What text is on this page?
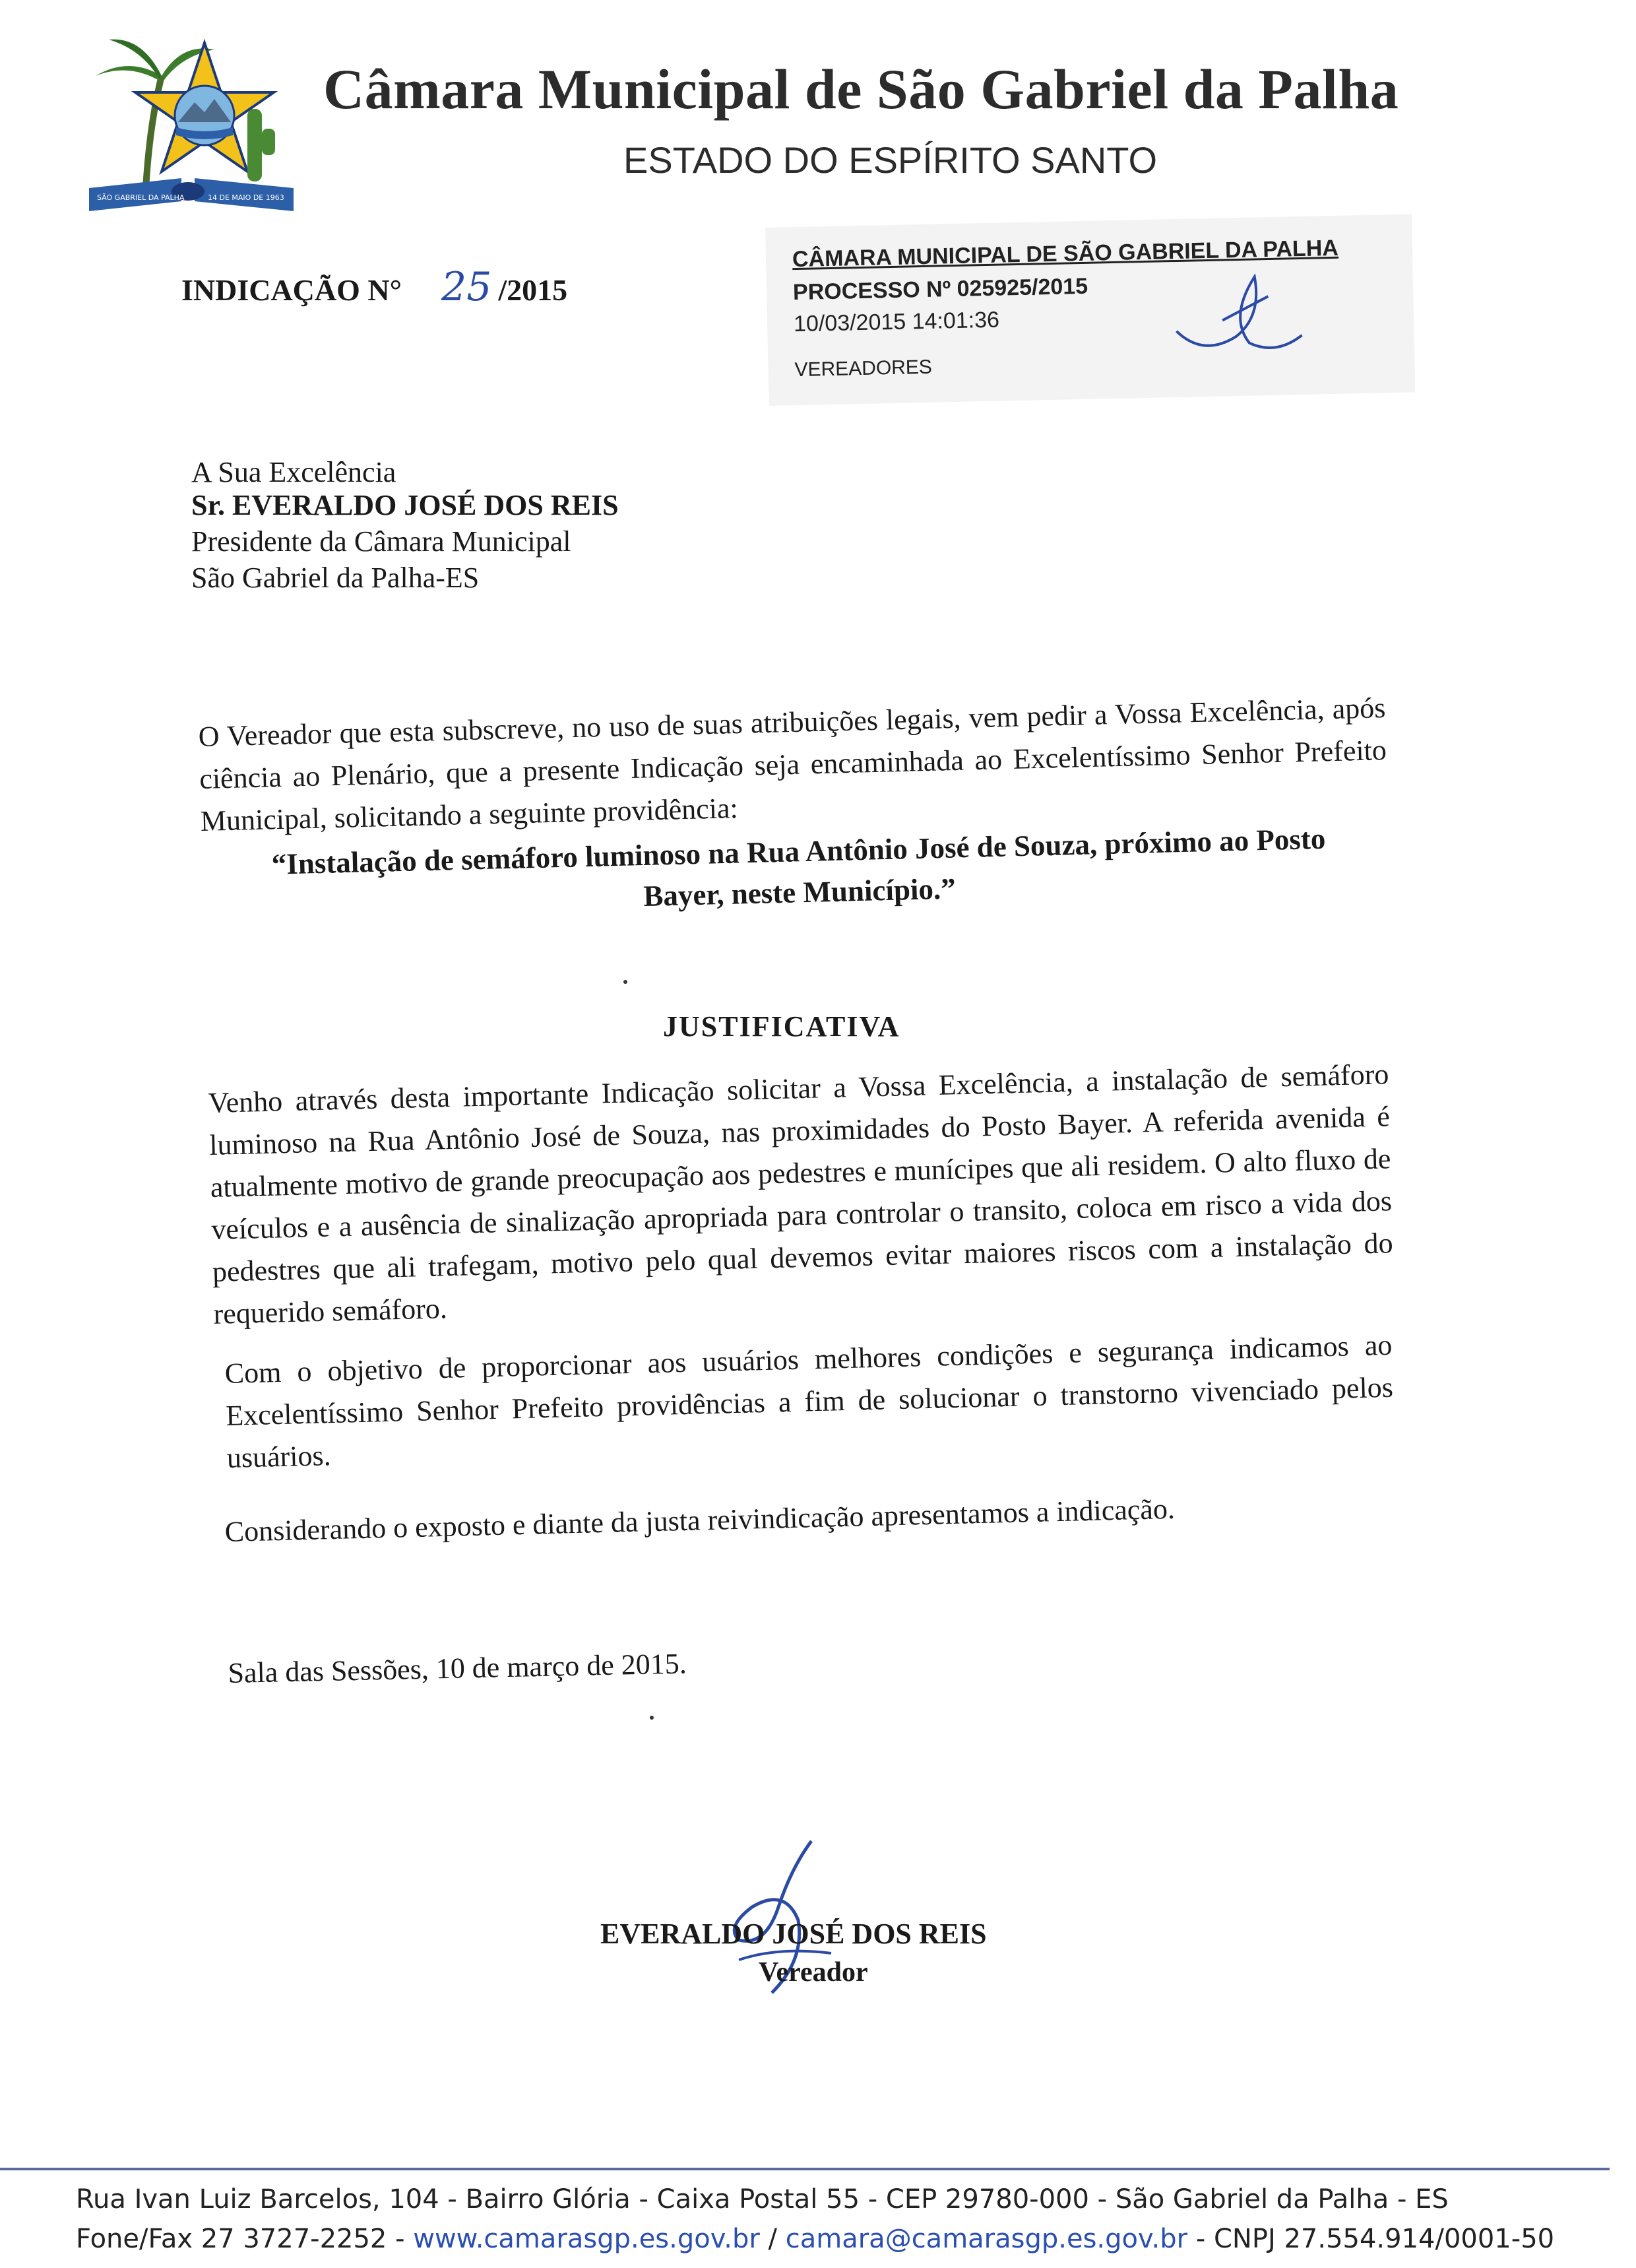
SÃO GABRIEL DA PALHA	14 DE MAIO DE 1963
Câmara Municipal de São Gabriel da Palha
ESTADO DO ESPÍRITO SANTO
INDICAÇÃO N° 25 /2015
CÂMARA MUNICIPAL DE SÃO GABRIEL DA PALHA
PROCESSO Nº 025925/2015
10/03/2015 14:01:36
VEREADORES
A Sua Excelência
Sr. EVERALDO JOSÉ DOS REIS
Presidente da Câmara Municipal
São Gabriel da Palha-ES
O Vereador que esta subscreve, no uso de suas atribuições legais, vem pedir a Vossa Excelência, após ciência ao Plenário, que a presente Indicação seja encaminhada ao Excelentíssimo Senhor Prefeito Municipal, solicitando a seguinte providência:
“Instalação de semáforo luminoso na Rua Antônio José de Souza, próximo ao Posto Bayer, neste Município.”
JUSTIFICATIVA
Venho através desta importante Indicação solicitar a Vossa Excelência, a instalação de semáforo luminoso na Rua Antônio José de Souza, nas proximidades do Posto Bayer. A referida avenida é atualmente motivo de grande preocupação aos pedestres e munícipes que ali residem. O alto fluxo de veículos e a ausência de sinalização apropriada para controlar o transito, coloca em risco a vida dos pedestres que ali trafegam, motivo pelo qual devemos evitar maiores riscos com a instalação do requerido semáforo.
Com o objetivo de proporcionar aos usuários melhores condições e segurança indicamos ao Excelentíssimo Senhor Prefeito providências a fim de solucionar o transtorno vivenciado pelos usuários.
Considerando o exposto e diante da justa reivindicação apresentamos a indicação.
Sala das Sessões, 10 de março de 2015.
EVERALDO JOSÉ DOS REIS
Vereador
Rua Ivan Luiz Barcelos, 104 - Bairro Glória - Caixa Postal 55 - CEP 29780-000 - São Gabriel da Palha - ES
Fone/Fax 27 3727-2252 - www.camarasgp.es.gov.br / camara@camarasgp.es.gov.br - CNPJ 27.554.914/0001-50
